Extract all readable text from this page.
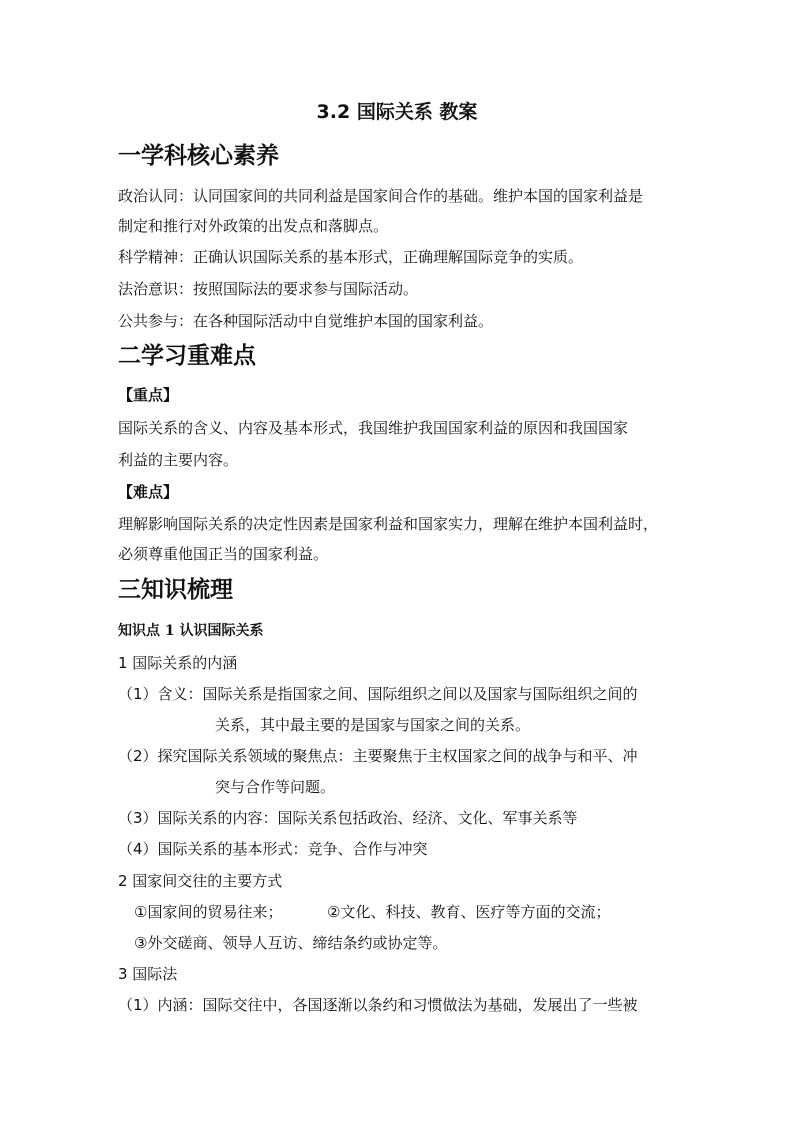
3.2 国际关系 教案
一学科核心素养
政治认同：认同国家间的共同利益是国家间合作的基础。维护本国的国家利益是
制定和推行对外政策的出发点和落脚点。
科学精神：正确认识国际关系的基本形式，正确理解国际竞争的实质。
法治意识：按照国际法的要求参与国际活动。
公共参与：在各种国际活动中自觉维护本国的国家利益。
二学习重难点
【重点】
国际关系的含义、内容及基本形式，我国维护我国国家利益的原因和我国国家
利益的主要内容。
【难点】
理解影响国际关系的决定性因素是国家利益和国家实力，理解在维护本国利益时，
必须尊重他国正当的国家利益。
三知识梳理
知识点 1 认识国际关系
1 国际关系的内涵
（1）含义：国际关系是指国家之间、国际组织之间以及国家与国际组织之间的
关系，其中最主要的是国家与国家之间的关系。
（2）探究国际关系领域的聚焦点：主要聚焦于主权国家之间的战争与和平、冲
突与合作等问题。
（3）国际关系的内容：国际关系包括政治、经济、文化、军事关系等
（4）国际关系的基本形式：竞争、合作与冲突
2 国家间交往的主要方式
①国家间的贸易往来；	②文化、科技、教育、医疗等方面的交流；
③外交磋商、领导人互访、缔结条约或协定等。
3 国际法
（1）内涵：国际交往中，各国逐渐以条约和习惯做法为基础，发展出了一些被
